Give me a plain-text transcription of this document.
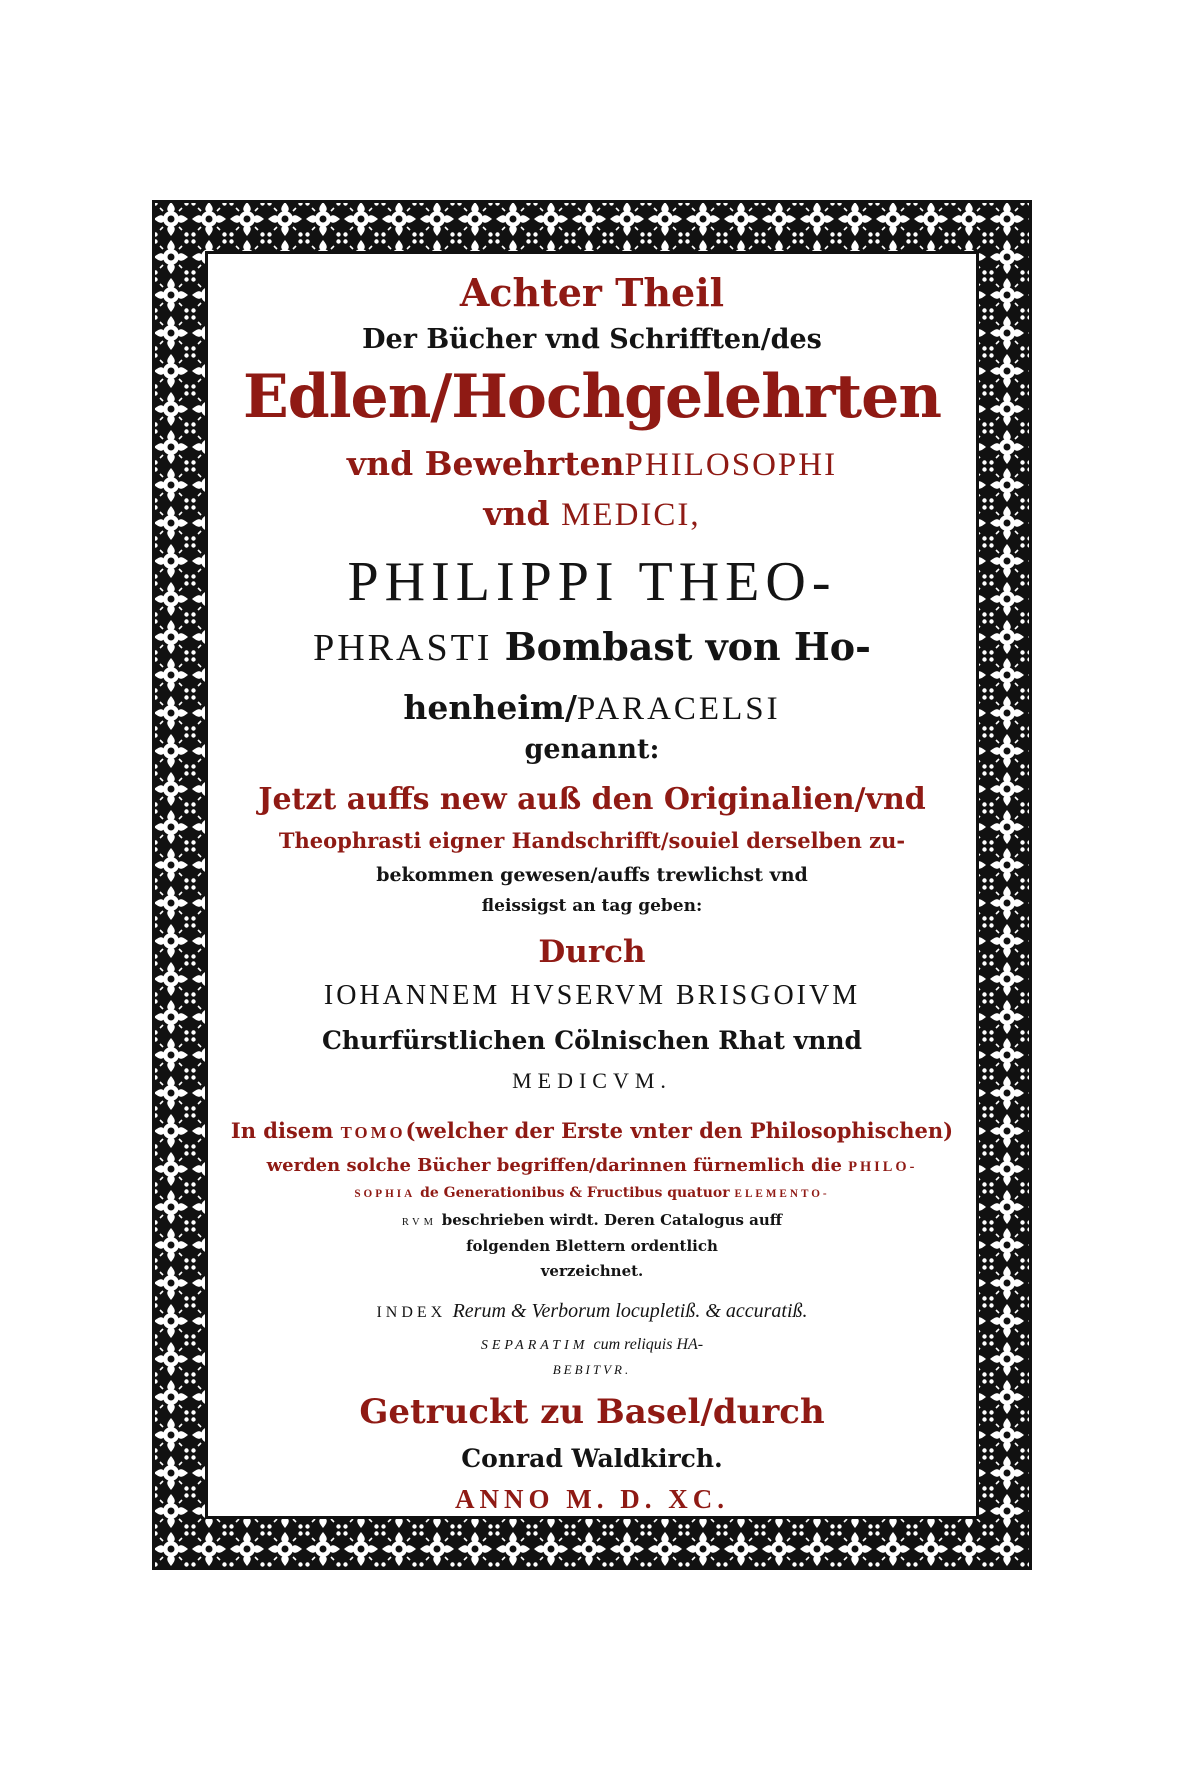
Achter Theil
Der Bücher vnd Schrifften/des
Edlen/Hochgelehrten
vnd BewehrtenPHILOSOPHI
vnd MEDICI,
PHILIPPI THEO-
PHRASTI Bombast von Ho-
henheim/PARACELSI
genannt:
Jetzt auffs new auß den Originalien/vnd
Theophrasti eigner Handschrifft/souiel derselben zu-
bekommen gewesen/auffs trewlichst vnd
fleissigst an tag geben:
Durch
IOHANNEM HVSERVM BRISGOIVM
Churfürstlichen Cölnischen Rhat vnnd
MEDICVM.
In disem TOMO(welcher der Erste vnter den Philosophischen)
werden solche Bücher begriffen/darinnen fürnemlich die PHILO-
SOPHIA de Generationibus & Fructibus quatuor ELEMENTO-
RVM beschrieben wirdt. Deren Catalogus auff
folgenden Blettern ordentlich
verzeichnet.
INDEX Rerum & Verborum locupletiß. & accuratiß.
SEPARATIM cum reliquis HA-
BEBITVR.
Getruckt zu Basel/durch
Conrad Waldkirch.
ANNO M. D. XC.
